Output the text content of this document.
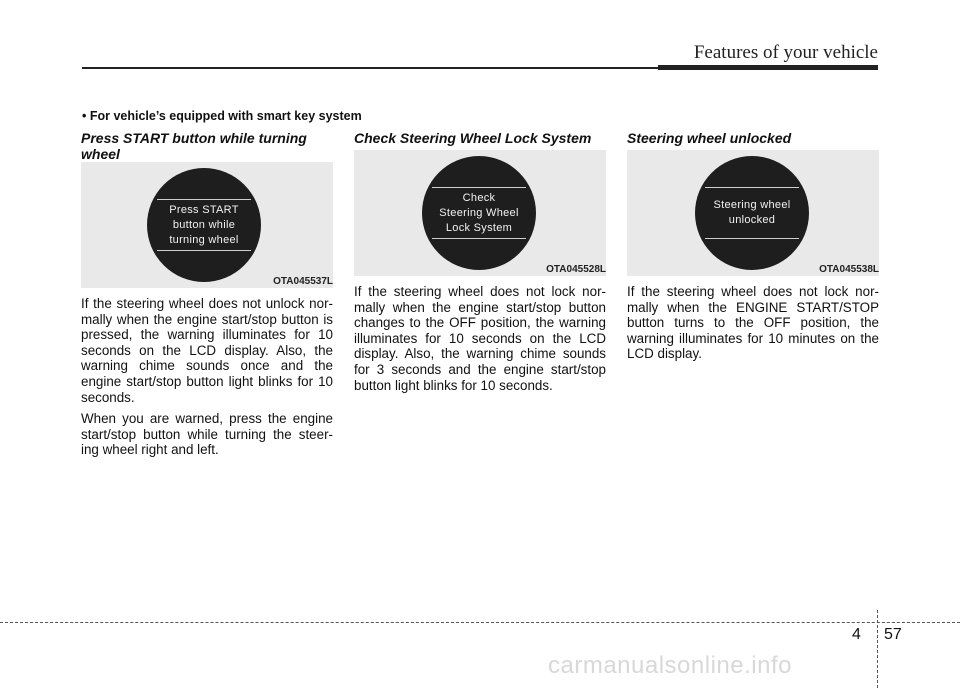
Features of your vehicle
• For vehicle’s equipped with smart key system

Press START button while turning wheel

Press START
button while
turning wheel
OTA045537L

If the steering wheel does not unlock nor-mally when the engine start/stop button is pressed, the warning illuminates for 10 seconds on the LCD display. Also, the warning chime sounds once and the engine start/stop button light blinks for 10 seconds.

When you are warned, press the engine start/stop button while turning the steer-ing wheel right and left.

Check Steering Wheel Lock System

Check
Steering Wheel
Lock System
OTA045528L

If the steering wheel does not lock nor-mally when the engine start/stop button changes to the OFF position, the warning illuminates for 10 seconds on the LCD display. Also, the warning chime sounds for 3 seconds and the engine start/stop button light blinks for 10 seconds.

Steering wheel unlocked

Steering wheel
unlocked
OTA045538L

If the steering wheel does not lock nor-mally when the ENGINE START/STOP button turns to the OFF position, the warning illuminates for 10 minutes on the LCD display.

4 57
carmanualsonline.info
